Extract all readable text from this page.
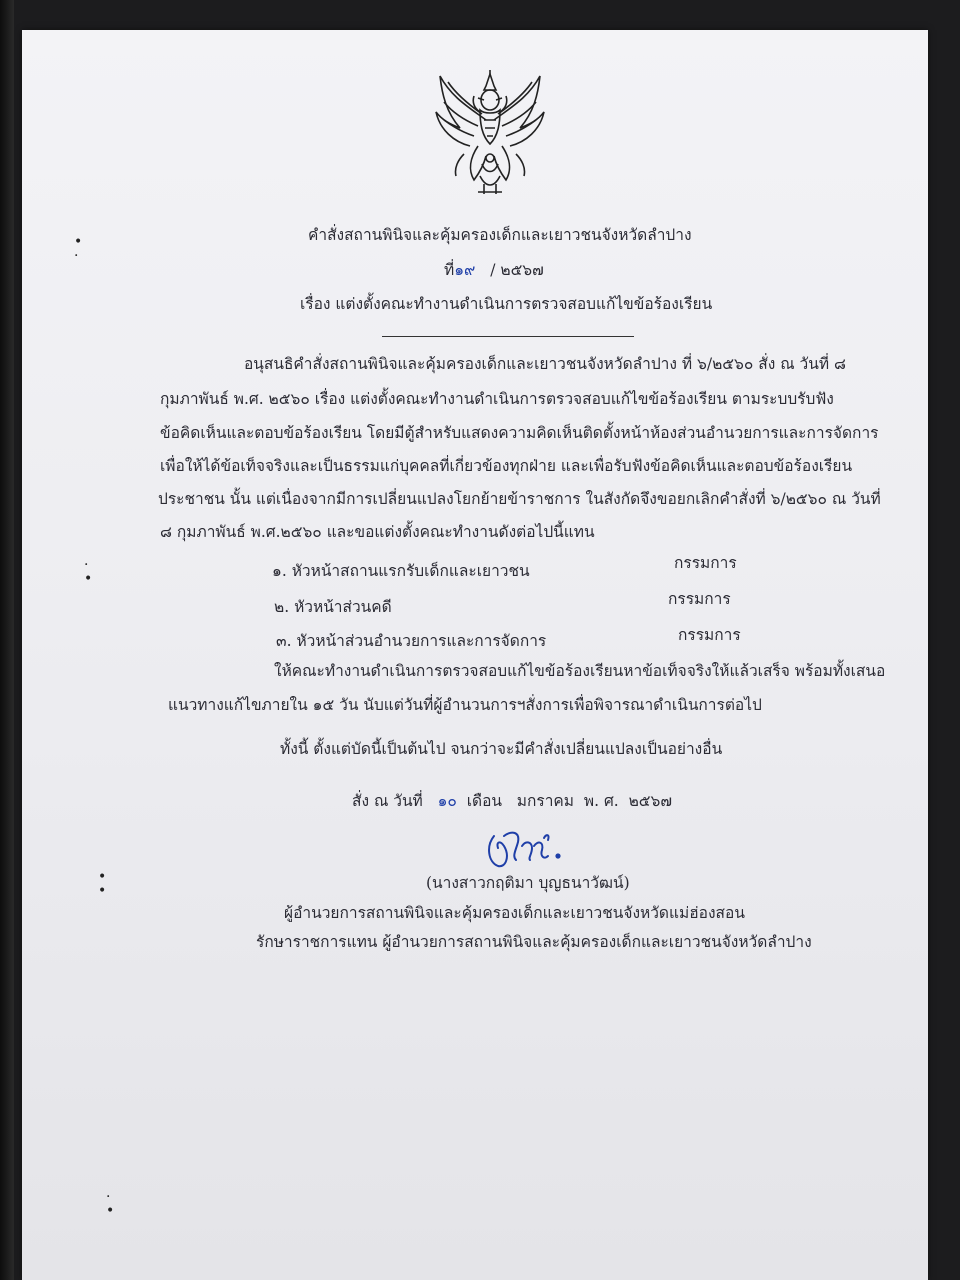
•
·
·
•
•
•
·
•
คำสั่งสถานพินิจและคุ้มครองเด็กและเยาวชนจังหวัดลำปาง
ที่๑๙ / ๒๕๖๗
เรื่อง แต่งตั้งคณะทำงานดำเนินการตรวจสอบแก้ไขข้อร้องเรียน
อนุสนธิคำสั่งสถานพินิจและคุ้มครองเด็กและเยาวชนจังหวัดลำปาง ที่ ๖/๒๕๖๐ สั่ง ณ วันที่ ๘
กุมภาพันธ์ พ.ศ. ๒๕๖๐ เรื่อง แต่งตั้งคณะทำงานดำเนินการตรวจสอบแก้ไขข้อร้องเรียน ตามระบบรับฟัง
ข้อคิดเห็นและตอบข้อร้องเรียน โดยมีตู้สำหรับแสดงความคิดเห็นติดตั้งหน้าห้องส่วนอำนวยการและการจัดการ
เพื่อให้ได้ข้อเท็จจริงและเป็นธรรมแก่บุคคลที่เกี่ยวข้องทุกฝ่าย และเพื่อรับฟังข้อคิดเห็นและตอบข้อร้องเรียน
ประชาชน นั้น แต่เนื่องจากมีการเปลี่ยนแปลงโยกย้ายข้าราชการ ในสังกัดจึงขอยกเลิกคำสั่งที่ ๖/๒๕๖๐ ณ วันที่
๘ กุมภาพันธ์ พ.ศ.๒๕๖๐ และขอแต่งตั้งคณะทำงานดังต่อไปนี้แทน
๑. หัวหน้าสถานแรกรับเด็กและเยาวชน	กรรมการ
๒. หัวหน้าส่วนคดี	กรรมการ
๓. หัวหน้าส่วนอำนวยการและการจัดการ	กรรมการ
ให้คณะทำงานดำเนินการตรวจสอบแก้ไขข้อร้องเรียนหาข้อเท็จจริงให้แล้วเสร็จ พร้อมทั้งเสนอ
แนวทางแก้ไขภายใน ๑๕ วัน นับแต่วันที่ผู้อำนวนการฯสั่งการเพื่อพิจารณาดำเนินการต่อไป
ทั้งนี้ ตั้งแต่บัดนี้เป็นต้นไป จนกว่าจะมีคำสั่งเปลี่ยนแปลงเป็นอย่างอื่น
สั่ง ณ วันที่ ๑๐ เดือน มกราคม พ. ศ. ๒๕๖๗
(นางสาวกฤติมา บุญธนาวัฒน์)
ผู้อำนวยการสถานพินิจและคุ้มครองเด็กและเยาวชนจังหวัดแม่ฮ่องสอน
รักษาราชการแทน ผู้อำนวยการสถานพินิจและคุ้มครองเด็กและเยาวชนจังหวัดลำปาง
